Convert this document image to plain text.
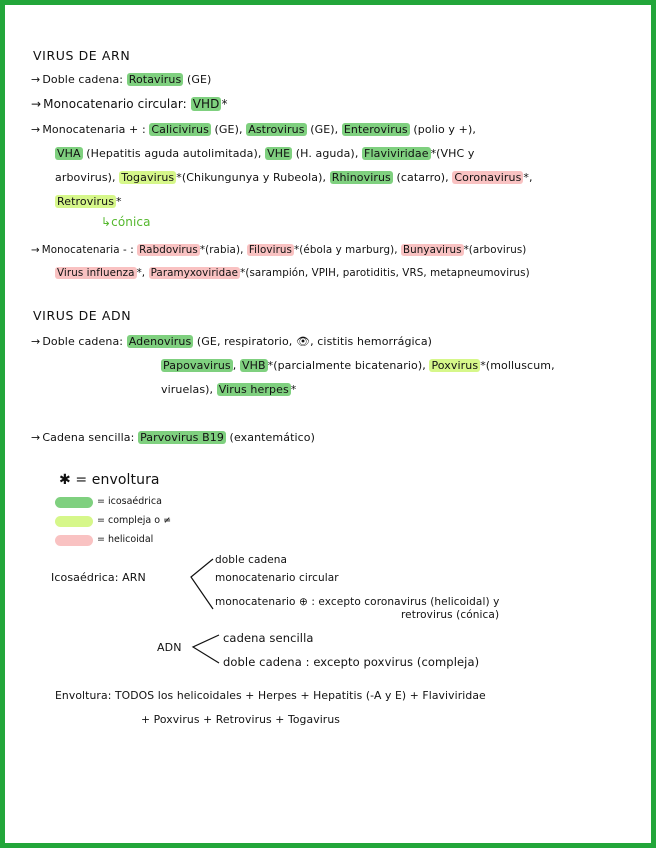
VIRUS DE ARN
→ Doble cadena: Rotavirus (GE)
→ Monocatenario circular: VHD *
→ Monocatenaria + : Calicivirus (GE), Astrovirus (GE), Enterovirus (polio y +),
VHA (Hepatitis aguda autolimitada), VHE (H. aguda), Flaviviridae *(VHC y
arbovirus), Togavirus *(Chikungunya y Rubeola), Rhinovirus (catarro), Coronavirus *,
Retrovirus *
↳cónica
→ Monocatenaria - : Rabdovirus *(rabia), Filovirus *(ébola y marburg), Bunyavirus *(arbovirus)
Virus influenza *, Paramyxoviridae *(sarampión, VPIH, parotiditis, VRS, metapneumovirus)
VIRUS DE ADN
→ Doble cadena: Adenovirus (GE, respiratorio, 👁, cistitis hemorrágica)
Papovavirus , VHB *(parcialmente bicatenario), Poxvirus *(molluscum,
viruelas), Virus herpes *
→ Cadena sencilla: Parvovirus B19 (exantemático)
✱ = envoltura
= icosaédrica
= compleja o ≠
= helicoidal
Icosaédrica: ARN
doble cadena
monocatenario circular
monocatenario ⊕ : excepto coronavirus (helicoidal) y
retrovirus (cónica)
ADN
cadena sencilla
doble cadena : excepto poxvirus (compleja)
Envoltura: TODOS los helicoidales + Herpes + Hepatitis (-A y E) + Flaviviridae
+ Poxvirus + Retrovirus + Togavirus
